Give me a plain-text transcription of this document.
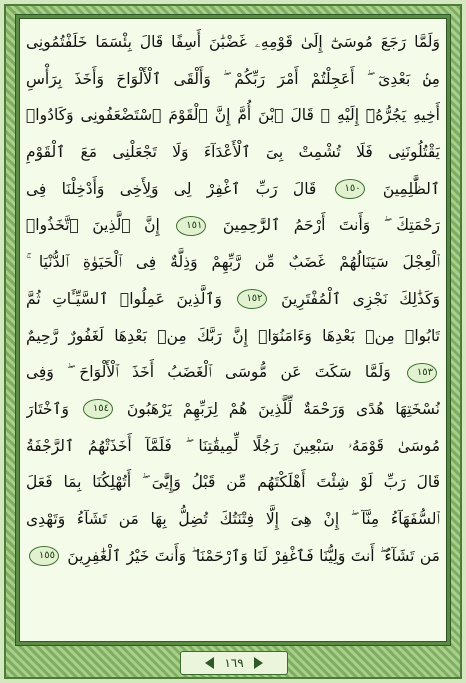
وَلَمَّا رَجَعَ مُوسَىٰٓ إِلَىٰ قَوْمِهِۦ غَضْبَٰنَ أَسِفًا قَالَ بِئْسَمَا خَلَفْتُمُونِى
مِنۢ بَعْدِىٓ ۖ أَعَجِلْتُمْ أَمْرَ رَبِّكُمْ ۖ وَأَلْقَى ٱلْأَلْوَاحَ وَأَخَذَ بِرَأْسِ
أَخِيهِ يَجُرُّهُۥٓ إِلَيْهِ ۚ قَالَ ٱبْنَ أُمَّ إِنَّ ٱلْقَوْمَ ٱسْتَضْعَفُونِى وَكَادُوا۟
يَقْتُلُونَنِى فَلَا تُشْمِتْ بِىَ ٱلْأَعْدَآءَ وَلَا تَجْعَلْنِى مَعَ ٱلْقَوْمِ
ٱلظَّٰلِمِينَ ١٥٠ قَالَ رَبِّ ٱغْفِرْ لِى وَلِأَخِى وَأَدْخِلْنَا فِى
رَحْمَتِكَ ۖ وَأَنتَ أَرْحَمُ ٱلرَّٰحِمِينَ ١٥١ إِنَّ ٱلَّذِينَ ٱتَّخَذُوا۟
ٱلْعِجْلَ سَيَنَالُهُمْ غَضَبٌ مِّن رَّبِّهِمْ وَذِلَّةٌ فِى ٱلْحَيَوٰةِ ٱلدُّنْيَا ۚ
وَكَذَٰلِكَ نَجْزِى ٱلْمُفْتَرِينَ ١٥٢ وَٱلَّذِينَ عَمِلُوا۟ ٱلسَّيِّـَٔاتِ ثُمَّ
تَابُوا۟ مِنۢ بَعْدِهَا وَءَامَنُوٓا۟ إِنَّ رَبَّكَ مِنۢ بَعْدِهَا لَغَفُورٌ رَّحِيمٌ
١٥٣ وَلَمَّا سَكَتَ عَن مُّوسَى ٱلْغَضَبُ أَخَذَ ٱلْأَلْوَاحَ ۖ وَفِى
نُسْخَتِهَا هُدًى وَرَحْمَةٌ لِّلَّذِينَ هُمْ لِرَبِّهِمْ يَرْهَبُونَ ١٥٤ وَٱخْتَارَ
مُوسَىٰ قَوْمَهُۥ سَبْعِينَ رَجُلًا لِّمِيقَٰتِنَا ۖ فَلَمَّآ أَخَذَتْهُمُ ٱلرَّجْفَةُ
قَالَ رَبِّ لَوْ شِئْتَ أَهْلَكْتَهُم مِّن قَبْلُ وَإِيَّٰىَ ۖ أَتُهْلِكُنَا بِمَا فَعَلَ
ٱلسُّفَهَآءُ مِنَّآ ۖ إِنْ هِىَ إِلَّا فِتْنَتُكَ تُضِلُّ بِهَا مَن تَشَآءُ وَتَهْدِى
مَن تَشَآءُ ۖ أَنتَ وَلِيُّنَا فَٱغْفِرْ لَنَا وَٱرْحَمْنَا ۖ وَأَنتَ خَيْرُ ٱلْغَٰفِرِينَ ١٥٥
١٦٩
